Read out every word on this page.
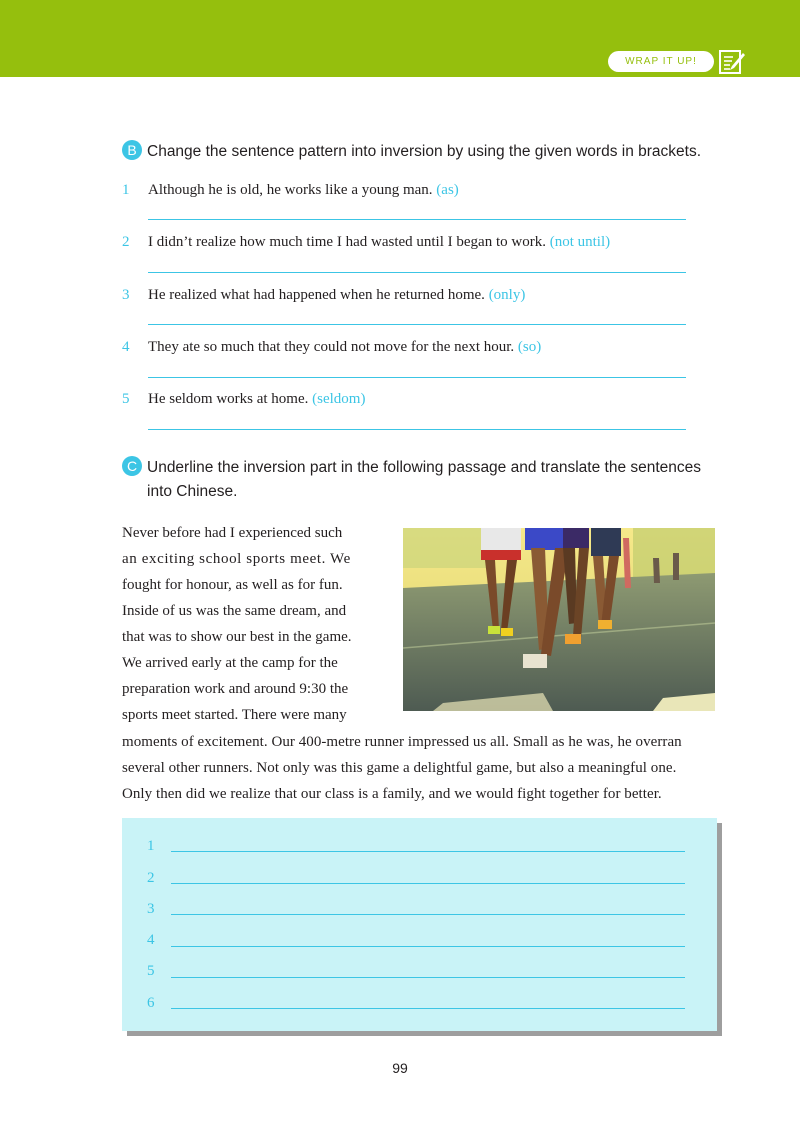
WRAP IT UP!
B Change the sentence pattern into inversion by using the given words in brackets.
1	Although he is old, he works like a young man. (as)
2	I didn’t realize how much time I had wasted until I began to work. (not until)
3	He realized what had happened when he returned home. (only)
4	They ate so much that they could not move for the next hour. (so)
5	He seldom works at home. (seldom)
C Underline the inversion part in the following passage and translate the sentences
into Chinese.
Never before had I experienced such
an exciting school sports meet. We
fought for honour, as well as for fun.
Inside of us was the same dream, and
that was to show our best in the game.
We arrived early at the camp for the
preparation work and around 9:30 the
sports meet started. There were many
moments of excitement. Our 400-metre runner impressed us all. Small as he was, he overran
several other runners. Not only was this game a delightful game, but also a meaningful one.
Only then did we realize that our class is a family, and we would fight together for better.
1
2
3
4
5
6
99
